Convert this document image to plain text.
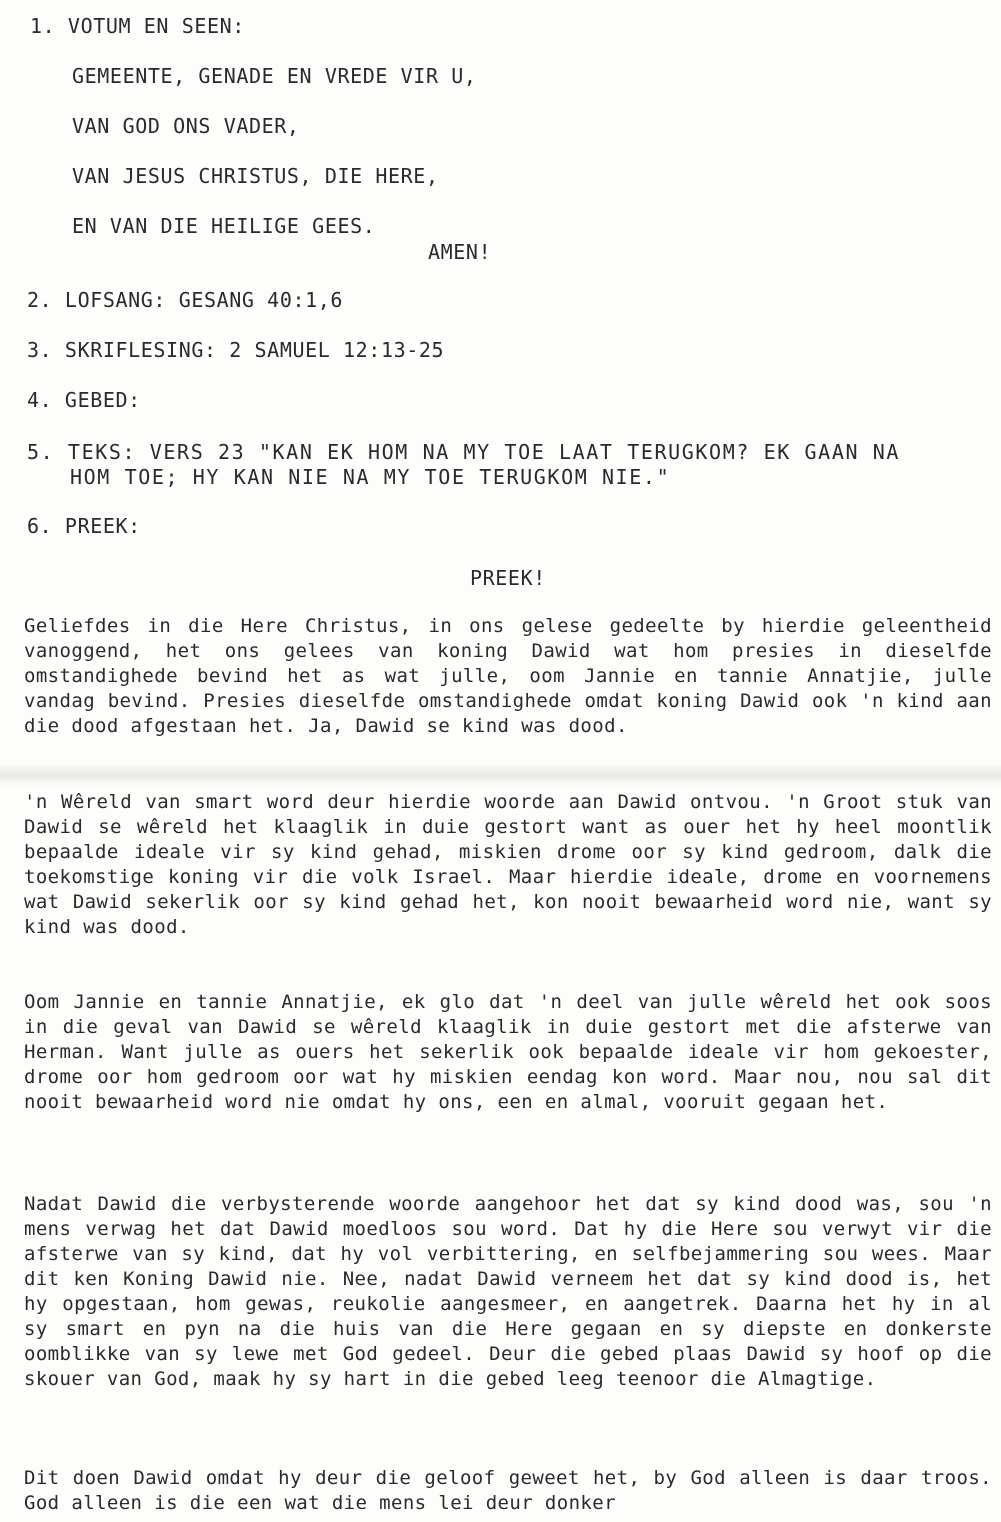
1. VOTUM EN SEEN:
GEMEENTE, GENADE EN VREDE VIR U,
VAN GOD ONS VADER,
VAN JESUS CHRISTUS, DIE HERE,
EN VAN DIE HEILIGE GEES.
AMEN!
2. LOFSANG: GESANG 40:1,6
3. SKRIFLESING: 2 SAMUEL 12:13-25
4. GEBED:
5. TEKS: VERS 23 "KAN EK HOM NA MY TOE LAAT TERUGKOM? EK GAAN NA
HOM TOE; HY KAN NIE NA MY TOE TERUGKOM NIE."
6. PREEK:
PREEK!
Geliefdes in die Here Christus, in ons gelese gedeelte by hierdie geleentheid vanoggend, het ons gelees van koning Dawid wat hom presies in dieselfde omstandighede bevind het as wat julle, oom Jannie en tannie Annatjie, julle vandag bevind. Presies dieselfde omstandighede omdat koning Dawid ook 'n kind aan die dood afgestaan het. Ja, Dawid se kind was dood.
'n Wêreld van smart word deur hierdie woorde aan Dawid ontvou. 'n Groot stuk van Dawid se wêreld het klaaglik in duie gestort want as ouer het hy heel moontlik bepaalde ideale vir sy kind gehad, miskien drome oor sy kind gedroom, dalk die toekomstige koning vir die volk Israel. Maar hierdie ideale, drome en voornemens wat Dawid sekerlik oor sy kind gehad het, kon nooit bewaarheid word nie, want sy kind was dood.
Oom Jannie en tannie Annatjie, ek glo dat 'n deel van julle wêreld het ook soos in die geval van Dawid se wêreld klaaglik in duie gestort met die afsterwe van Herman. Want julle as ouers het sekerlik ook bepaalde ideale vir hom gekoester, drome oor hom gedroom oor wat hy miskien eendag kon word. Maar nou, nou sal dit nooit bewaarheid word nie omdat hy ons, een en almal, vooruit gegaan het.
Nadat Dawid die verbysterende woorde aangehoor het dat sy kind dood was, sou 'n mens verwag het dat Dawid moedloos sou word. Dat hy die Here sou verwyt vir die afsterwe van sy kind, dat hy vol verbittering, en selfbejammering sou wees. Maar dit ken Koning Dawid nie. Nee, nadat Dawid verneem het dat sy kind dood is, het hy opgestaan, hom gewas, reukolie aangesmeer, en aangetrek. Daarna het hy in al sy smart en pyn na die huis van die Here gegaan en sy diepste en donkerste oomblikke van sy lewe met God gedeel. Deur die gebed plaas Dawid sy hoof op die skouer van God, maak hy sy hart in die gebed leeg teenoor die Almagtige.
Dit doen Dawid omdat hy deur die geloof geweet het, by God alleen is daar troos. God alleen is die een wat die mens lei deur donker
